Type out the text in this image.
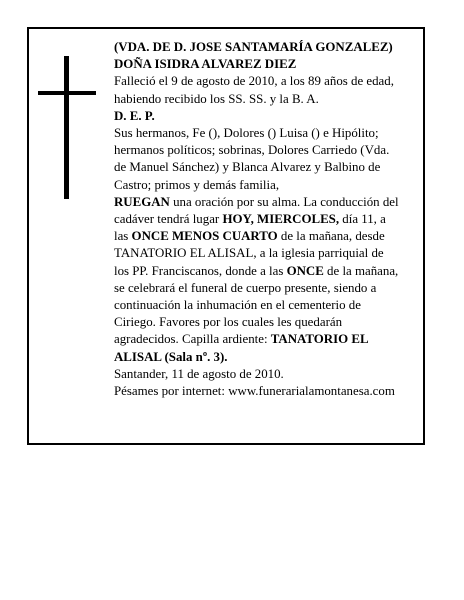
(VDA. DE D. JOSE SANTAMARÍA GONZALEZ)
DOÑA ISIDRA ALVAREZ DIEZ
Falleció el 9 de agosto de 2010, a los 89 años de edad,
habiendo recibido los SS. SS. y la B. A.
D. E. P.
Sus hermanos, Fe (), Dolores () Luisa () e Hipólito;
hermanos políticos; sobrinas, Dolores Carriedo (Vda.
de Manuel Sánchez) y Blanca Alvarez y Balbino de
Castro; primos y demás familia,
RUEGAN una oración por su alma. La conducción del
cadáver tendrá lugar HOY, MIERCOLES, día 11, a
las ONCE MENOS CUARTO de la mañana, desde
TANATORIO EL ALISAL, a la iglesia parriquial de
los PP. Franciscanos, donde a las ONCE de la mañana,
se celebrará el funeral de cuerpo presente, siendo a
continuación la inhumación en el cementerio de
Ciriego. Favores por los cuales les quedarán
agradecidos. Capilla ardiente: TANATORIO EL
ALISAL (Sala nº. 3).
Santander, 11 de agosto de 2010.
Pésames por internet: www.funerarialamontanesa.com
